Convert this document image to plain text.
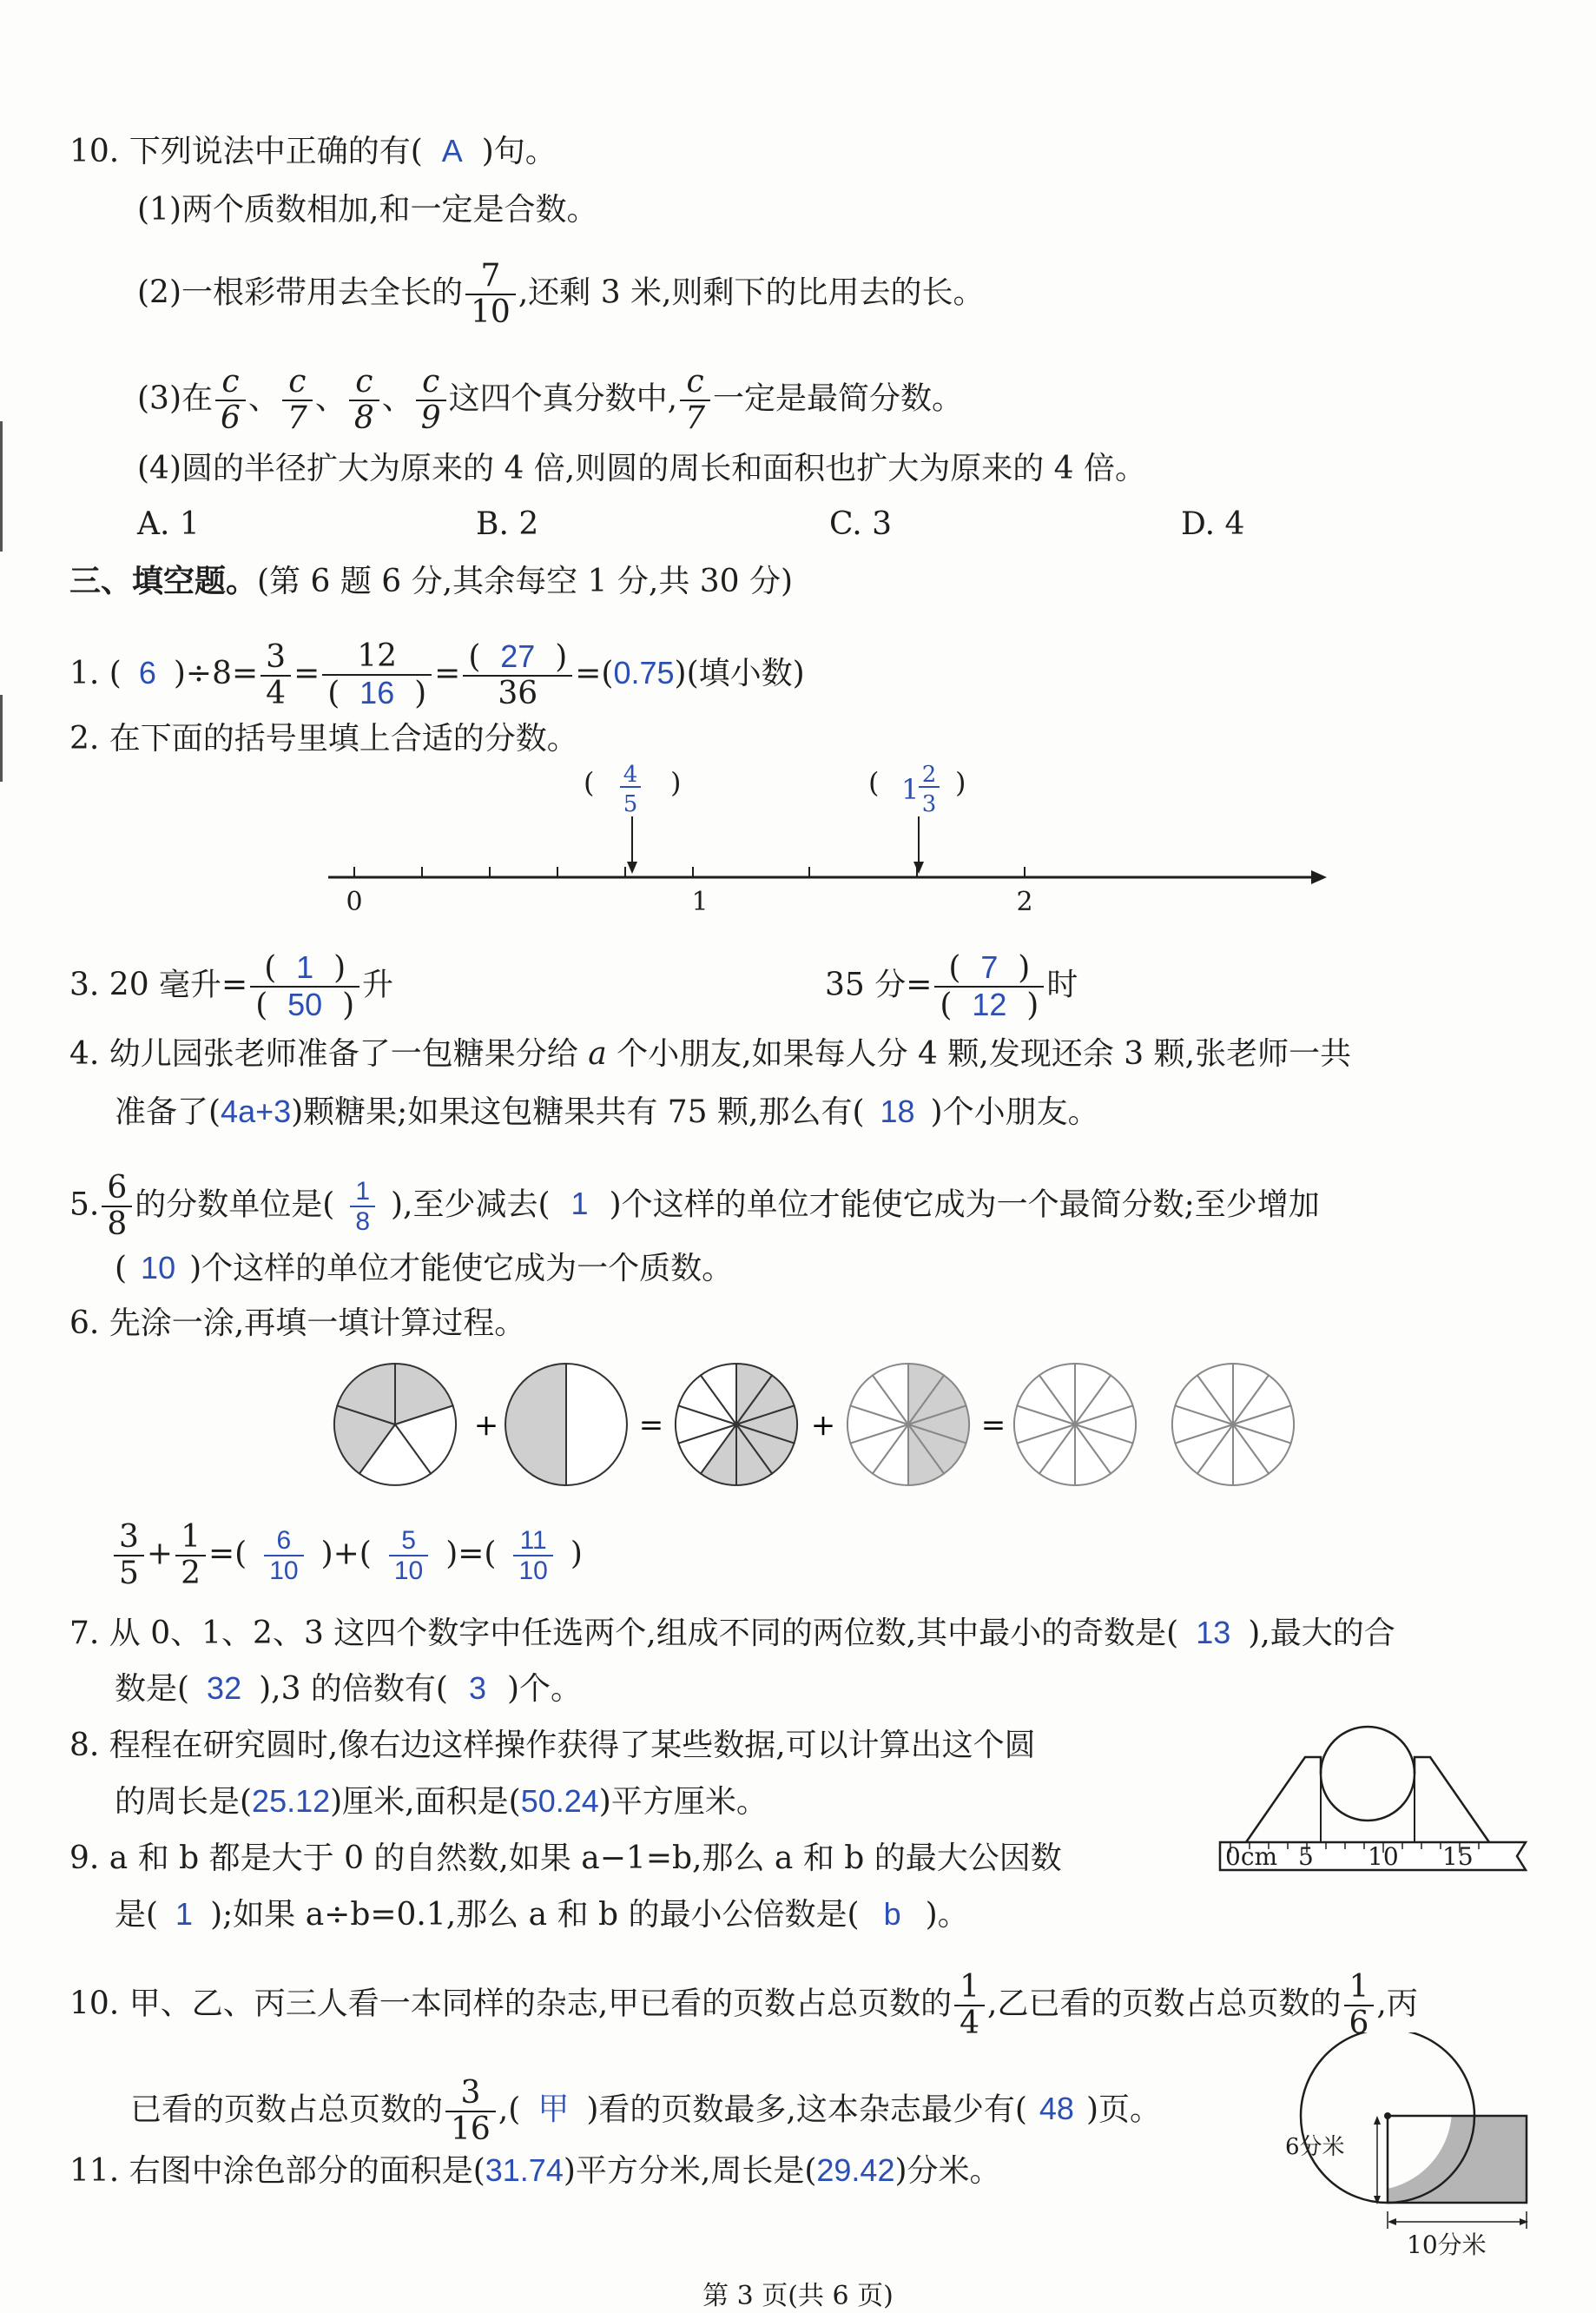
10. 下列说法中正确的有( A )句。
(1)两个质数相加,和一定是合数。
(2)一根彩带用去全长的 $\frac{7}{10}$ ,还剩 3 米,则剩下的比用去的长。
(3)在 $\frac{c}{6}$ 、 $\frac{c}{7}$ 、 $\frac{c}{8}$ 、 $\frac{c}{9}$ 这四个真分数中, $\frac{c}{7}$ 一定是最简分数。
(4)圆的半径扩大为原来的 4 倍,则圆的周长和面积也扩大为原来的 4 倍。
A. 1	B. 2	C. 3	D. 4
三、填空题。(第 6 题 6 分,其余每空 1 分,共 30 分)
1. ( 6 )$\div 8= \frac{3}{4} = \frac{12}{( 16 )} = \frac{( 27 )}{36} =(0.75)$(填小数)
2. 在下面的括号里填上合适的分数。
( 4
5
)	( 1 2
3
)
0	1	2
3. 20 毫升= $\frac{( 1 )}{( 50 )}$ 升	35 分= $\frac{( 7 )}{( 12 )}$ 时
4. 幼儿园张老师准备了一包糖果分给 a 个小朋友,如果每人分 4 颗,发现还余 3 颗,张老师一共
准备了(4a+3)颗糖果;如果这包糖果共有 75 颗,那么有( 18 )个小朋友。
5. $\frac{6}{8}$ 的分数单位是( $\frac{1}{8}$ ),至少减去( 1 )个这样的单位才能使它成为一个最简分数;至少增加
( 10 )个这样的单位才能使它成为一个质数。
6. 先涂一涂,再填一填计算过程。
+	=	+	=
$\frac{3}{5} + \frac{1}{2}$ =( $\frac{6}{10}$ )+( $\frac{5}{10}$ )=( $\frac{11}{10}$ )
7. 从 0、1、2、3 这四个数字中任选两个,组成不同的两位数,其中最小的奇数是( 13 ),最大的合
数是( 32 ),3 的倍数有( 3 )个。
8. 程程在研究圆时,像右边这样操作获得了某些数据,可以计算出这个圆
的周长是(25.12)厘米,面积是(50.24)平方厘米。
0cm 5 10 15
9. a 和 b 都是大于 0 的自然数,如果 a−1=b,那么 a 和 b 的最大公因数
是( 1 );如果 a÷b=0.1,那么 a 和 b 的最小公倍数是( b )。
10. 甲、乙、丙三人看一本同样的杂志,甲已看的页数占总页数的 $\frac{1}{4}$ ,乙已看的页数占总页数的 $\frac{1}{6}$ ,丙
已看的页数占总页数的 $\frac{3}{16}$ ,( 甲 )看的页数最多,这本杂志最少有( 48 )页。
11. 右图中涂色部分的面积是(31.74)平方分米,周长是(29.42)分米。
6分米
10分米
第 3 页(共 6 页)
